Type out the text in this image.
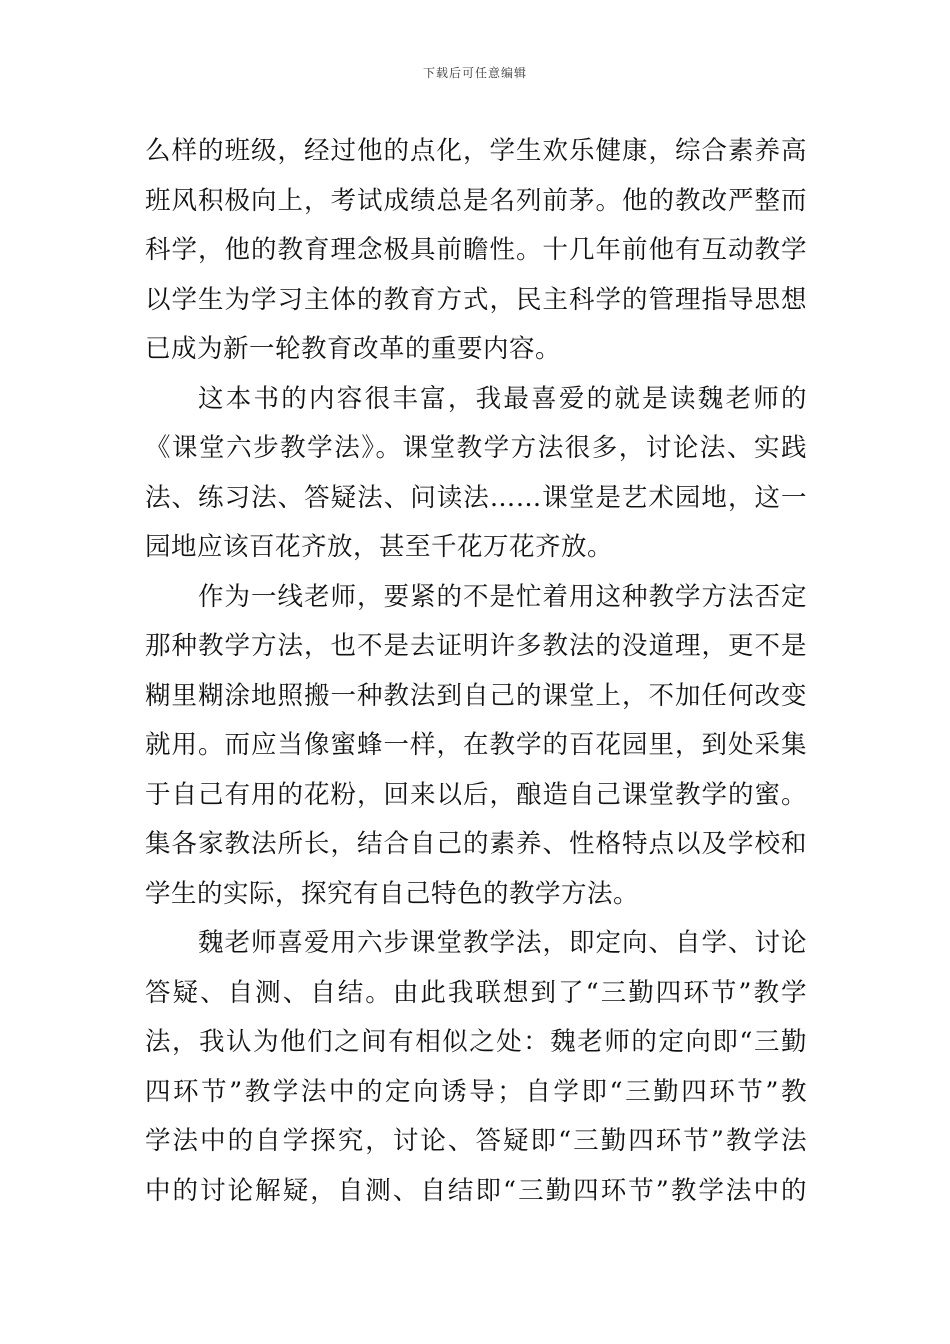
下载后可任意编辑
么样的班级，经过他的点化，学生欢乐健康，综合素养高
班风积极向上，考试成绩总是名列前茅。他的教改严整而
科学，他的教育理念极具前瞻性。十几年前他有互动教学
以学生为学习主体的教育方式，民主科学的管理指导思想
已成为新一轮教育改革的重要内容。
这本书的内容很丰富，我最喜爱的就是读魏老师的
《课堂六步教学法》。课堂教学方法很多，讨论法、实践
法、练习法、答疑法、问读法……课堂是艺术园地，这一
园地应该百花齐放，甚至千花万花齐放。
作为一线老师，要紧的不是忙着用这种教学方法否定
那种教学方法，也不是去证明许多教法的没道理，更不是
糊里糊涂地照搬一种教法到自己的课堂上，不加任何改变
就用。而应当像蜜蜂一样，在教学的百花园里，到处采集
于自己有用的花粉，回来以后，酿造自己课堂教学的蜜。
集各家教法所长，结合自己的素养、性格特点以及学校和
学生的实际，探究有自己特色的教学方法。
魏老师喜爱用六步课堂教学法，即定向、自学、讨论
答疑、自测、自结。由此我联想到了“三勤四环节”教学
法，我认为他们之间有相似之处：魏老师的定向即“三勤
四环节”教学法中的定向诱导；自学即“三勤四环节”教
学法中的自学探究，讨论、答疑即“三勤四环节”教学法
中的讨论解疑，自测、自结即“三勤四环节”教学法中的
